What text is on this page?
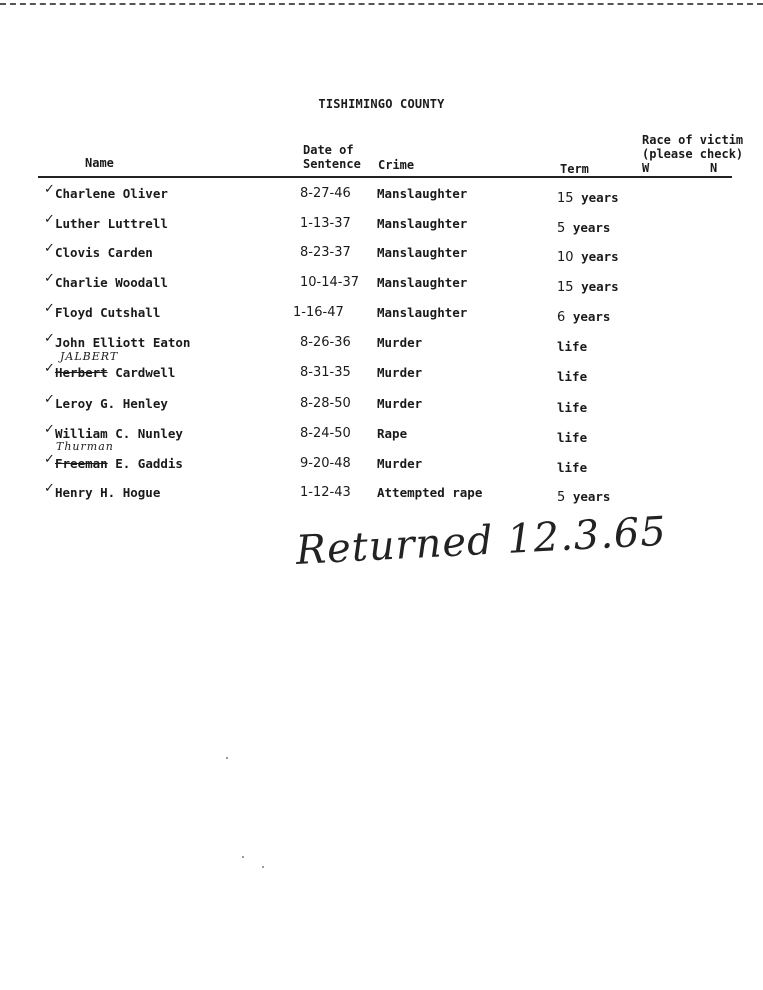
TISHIMINGO COUNTY
Name
Date of
Sentence Crime	Term
Race of victim
(please check)
W	N
✓ Charlene Oliver	8-27-46 Manslaughter	15 years
✓ Luther Luttrell	1-13-37 Manslaughter	5 years
✓ Clovis Carden	8-23-37 Manslaughter	10 years
✓ Charlie Woodall	10-14-37 Manslaughter	15 years
✓ Floyd Cutshall	1-16-47	Manslaughter	6 years
✓ John Elliott Eaton	8-26-36 Murder	life
JALBERT
✓ Herbert Cardwell	8-31-35 Murder	life
✓ Leroy G. Henley	8-28-50 Murder	life
✓ William C. Nunley	8-24-50 Rape	life
Thurman
✓ Freeman E. Gaddis	9-20-48 Murder	life
✓ Henry H. Hogue	1-12-43 Attempted rape	5 years
Returned 12.3.65
